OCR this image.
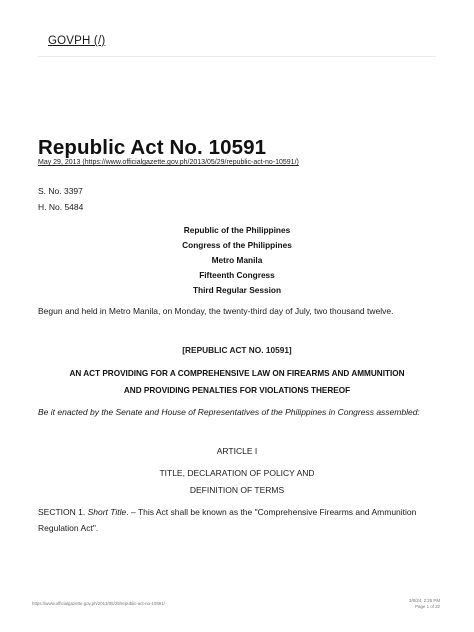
GOVPH (/)
Republic Act No. 10591
May 29, 2013 (https://www.officialgazette.gov.ph/2013/05/29/republic-act-no-10591/)
S. No. 3397
H. No. 5484
Republic of the Philippines
Congress of the Philippines
Metro Manila
Fifteenth Congress
Third Regular Session
Begun and held in Metro Manila, on Monday, the twenty-third day of July, two thousand twelve.
[REPUBLIC ACT NO. 10591]
AN ACT PROVIDING FOR A COMPREHENSIVE LAW ON FIREARMS AND AMMUNITION
AND PROVIDING PENALTIES FOR VIOLATIONS THEREOF
Be it enacted by the Senate and House of Representatives of the Philippines in Congress assembled:
ARTICLE I
TITLE, DECLARATION OF POLICY AND
DEFINITION OF TERMS
SECTION 1. Short Title. – This Act shall be known as the "Comprehensive Firearms and Ammunition Regulation Act".
https://www.officialgazette.gov.ph/2013/05/29/republic-act-no-10591/
3/8/24, 2:25 PM
Page 1 of 22
